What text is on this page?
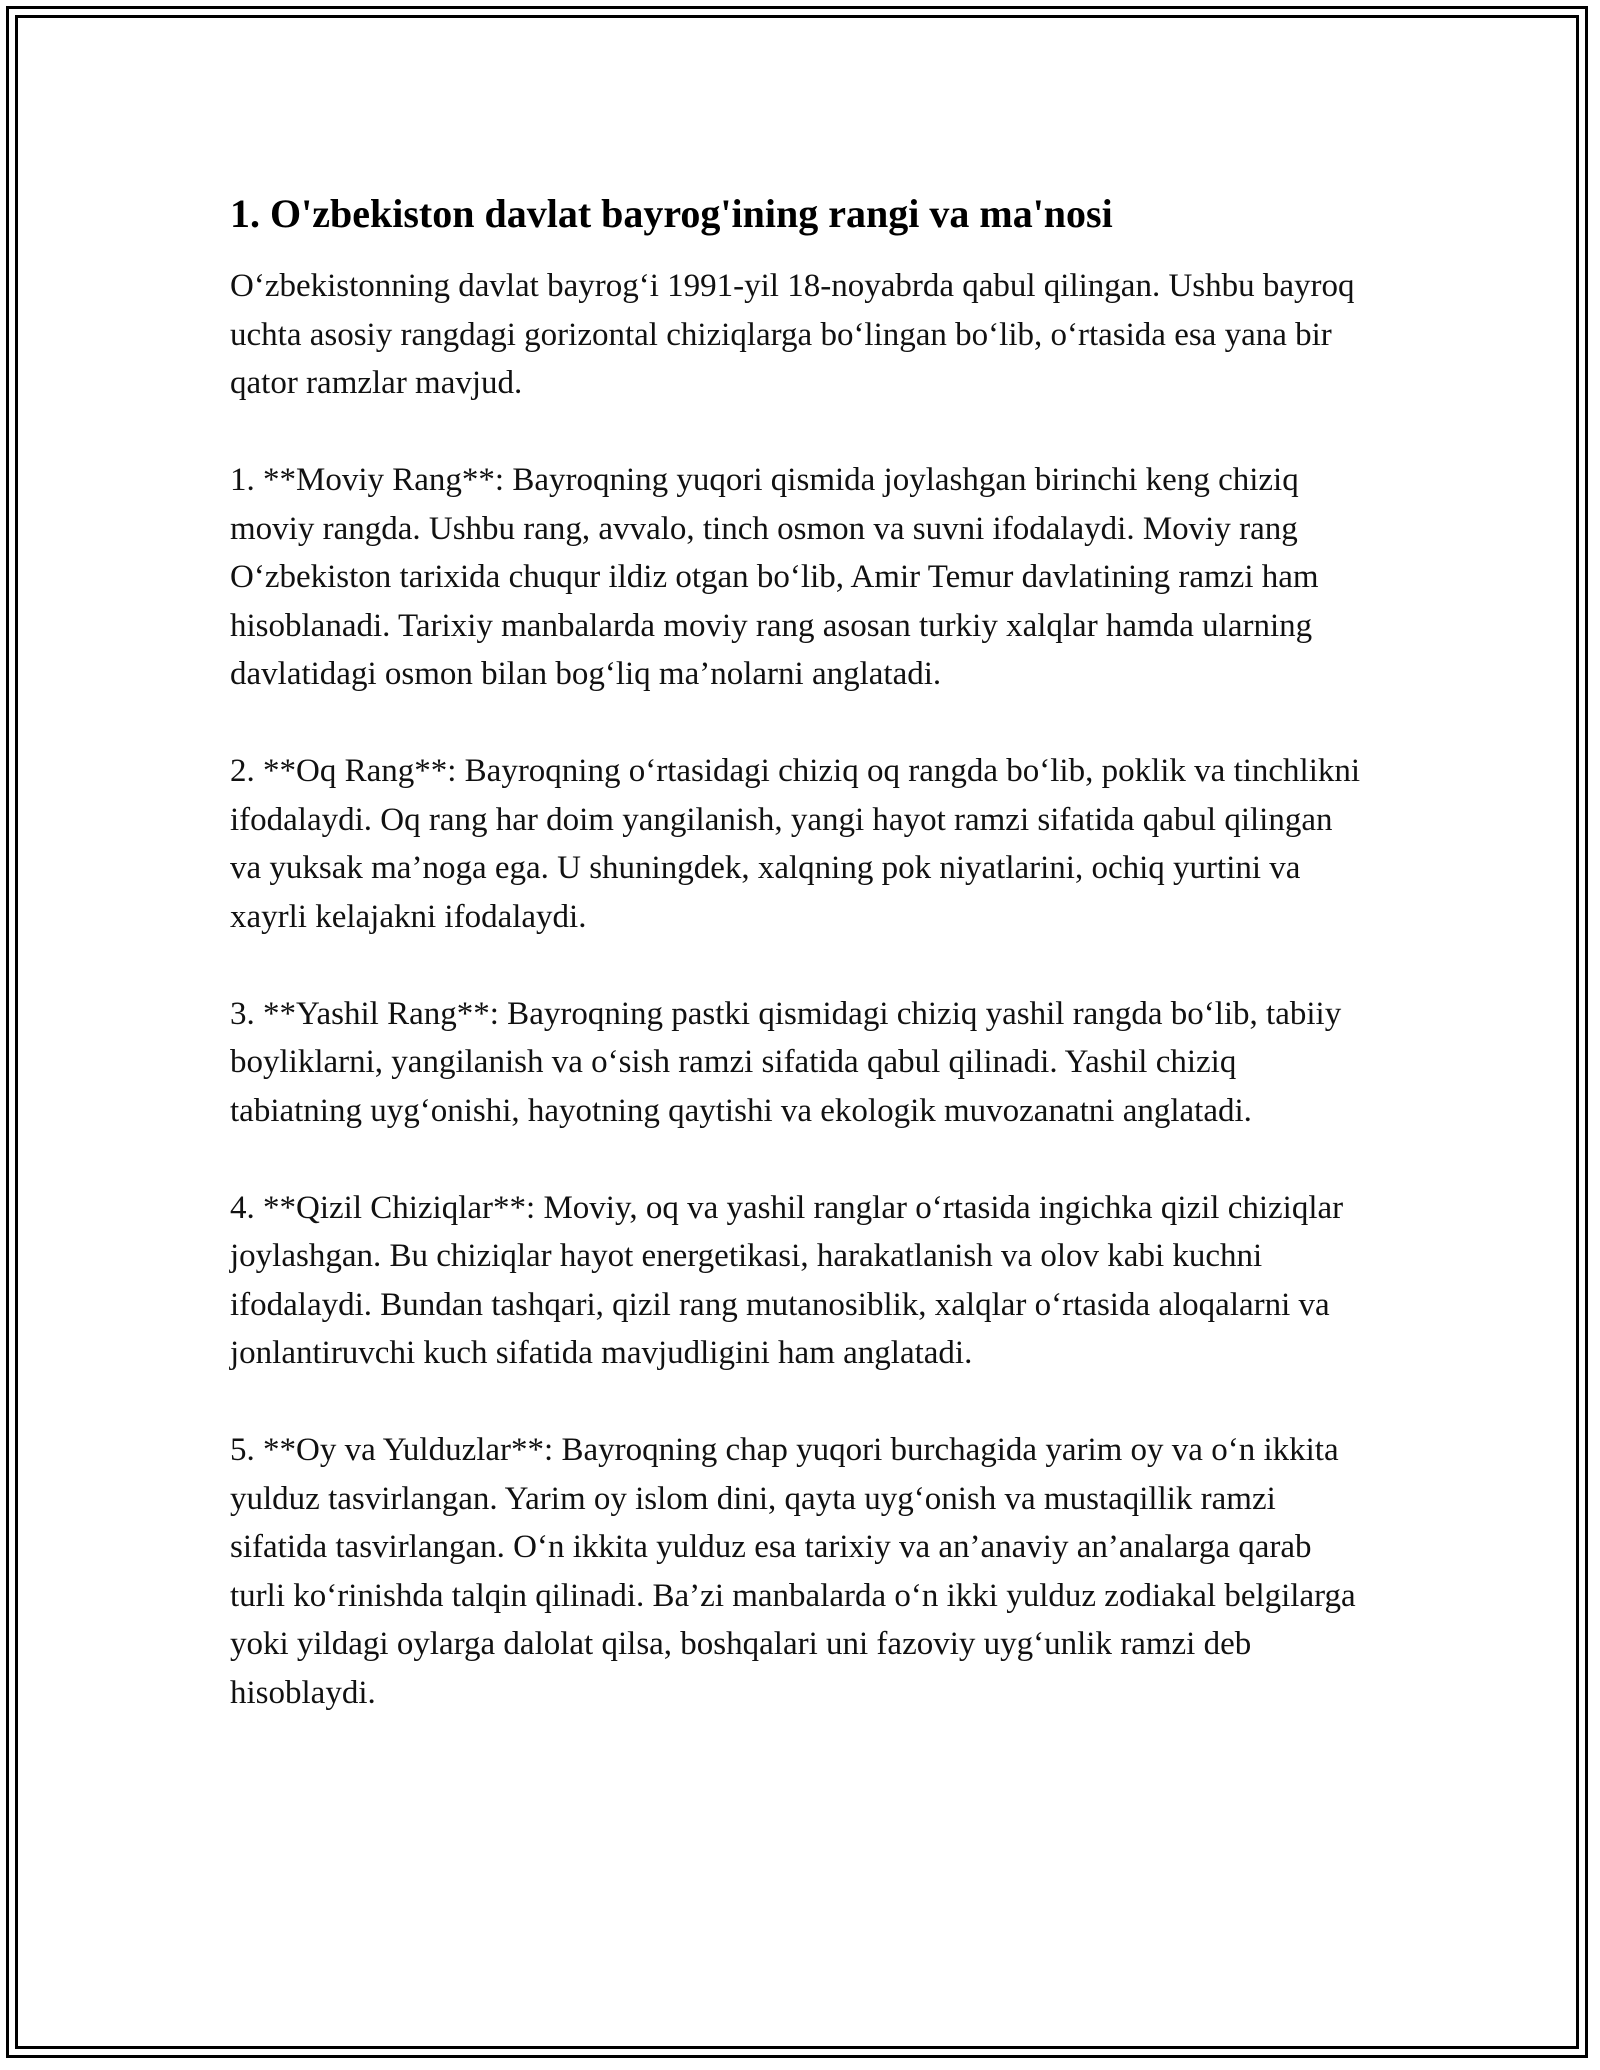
1. O'zbekiston davlat bayrog'ining rangi va ma'nosi

O‘zbekistonning davlat bayrog‘i 1991-yil 18-noyabrda qabul qilingan. Ushbu bayroq uchta asosiy rangdagi gorizontal chiziqlarga bo‘lingan bo‘lib, o‘rtasida esa yana bir qator ramzlar mavjud.

1. **Moviy Rang**: Bayroqning yuqori qismida joylashgan birinchi keng chiziq moviy rangda. Ushbu rang, avvalo, tinch osmon va suvni ifodalaydi. Moviy rang O‘zbekiston tarixida chuqur ildiz otgan bo‘lib, Amir Temur davlatining ramzi ham hisoblanadi. Tarixiy manbalarda moviy rang asosan turkiy xalqlar hamda ularning davlatidagi osmon bilan bog‘liq ma’nolarni anglatadi.

2. **Oq Rang**: Bayroqning o‘rtasidagi chiziq oq rangda bo‘lib, poklik va tinchlikni ifodalaydi. Oq rang har doim yangilanish, yangi hayot ramzi sifatida qabul qilingan va yuksak ma’noga ega. U shuningdek, xalqning pok niyatlarini, ochiq yurtini va xayrli kelajakni ifodalaydi.

3. **Yashil Rang**: Bayroqning pastki qismidagi chiziq yashil rangda bo‘lib, tabiiy boyliklarni, yangilanish va o‘sish ramzi sifatida qabul qilinadi. Yashil chiziq tabiatning uyg‘onishi, hayotning qaytishi va ekologik muvozanatni anglatadi.

4. **Qizil Chiziqlar**: Moviy, oq va yashil ranglar o‘rtasida ingichka qizil chiziqlar joylashgan. Bu chiziqlar hayot energetikasi, harakatlanish va olov kabi kuchni ifodalaydi. Bundan tashqari, qizil rang mutanosiblik, xalqlar o‘rtasida aloqalarni va jonlantiruvchi kuch sifatida mavjudligini ham anglatadi.

5. **Oy va Yulduzlar**: Bayroqning chap yuqori burchagida yarim oy va o‘n ikkita yulduz tasvirlangan. Yarim oy islom dini, qayta uyg‘onish va mustaqillik ramzi sifatida tasvirlangan. O‘n ikkita yulduz esa tarixiy va an’anaviy an’analarga qarab turli ko‘rinishda talqin qilinadi. Ba’zi manbalarda o‘n ikki yulduz zodiakal belgilarga yoki yildagi oylarga dalolat qilsa, boshqalari uni fazoviy uyg‘unlik ramzi deb hisoblaydi.
